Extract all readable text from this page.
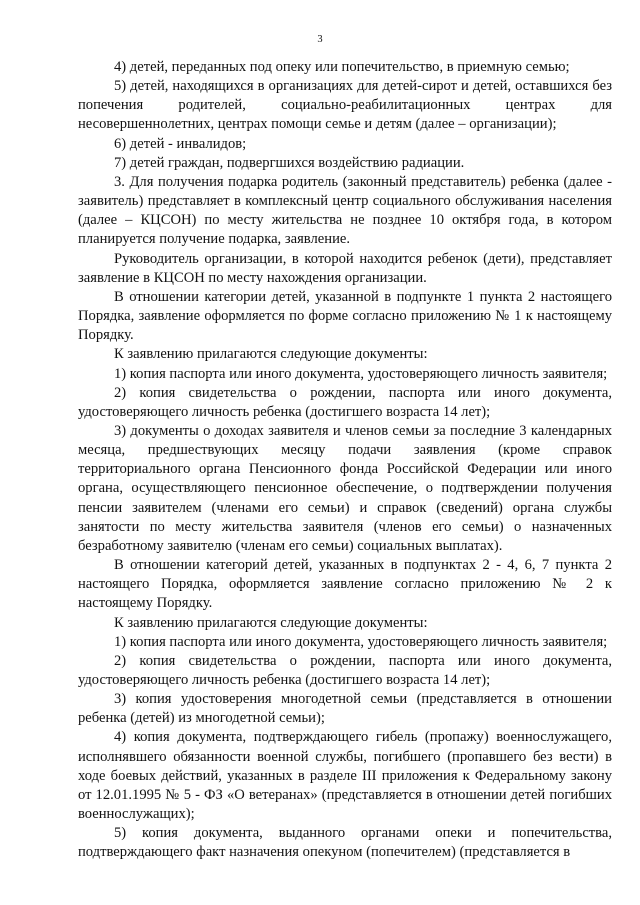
3

4) детей, переданных под опеку или попечительство, в приемную семью;

5) детей, находящихся в организациях для детей-сирот и детей, оставшихся без попечения родителей, социально-реабилитационных центрах для несовершеннолетних, центрах помощи семье и детям (далее – организации);

6) детей - инвалидов;

7) детей граждан, подвергшихся воздействию радиации.

3. Для получения подарка родитель (законный представитель) ребенка (далее - заявитель) представляет в комплексный центр социального обслуживания населения (далее – КЦСОН) по месту жительства не позднее 10 октября года, в котором планируется получение подарка, заявление.

Руководитель организации, в которой находится ребенок (дети), представляет заявление в КЦСОН по месту нахождения организации.

В отношении категории детей, указанной в подпункте 1 пункта 2 настоящего Порядка, заявление оформляется по форме согласно приложению № 1 к настоящему Порядку.

К заявлению прилагаются следующие документы:

1) копия паспорта или иного документа, удостоверяющего личность заявителя;

2) копия свидетельства о рождении, паспорта или иного документа, удостоверяющего личность ребенка (достигшего возраста 14 лет);

3) документы о доходах заявителя и членов семьи за последние 3 календарных месяца, предшествующих месяцу подачи заявления (кроме справок территориального органа Пенсионного фонда Российской Федерации или иного органа, осуществляющего пенсионное обеспечение, о подтверждении получения пенсии заявителем (членами его семьи) и справок (сведений) органа службы занятости по месту жительства заявителя (членов его семьи) о назначенных безработному заявителю (членам его семьи) социальных выплатах).

В отношении категорий детей, указанных в подпунктах 2 - 4, 6, 7 пункта 2 настоящего Порядка, оформляется заявление согласно приложению № 2 к настоящему Порядку.

К заявлению прилагаются следующие документы:

1) копия паспорта или иного документа, удостоверяющего личность заявителя;

2) копия свидетельства о рождении, паспорта или иного документа, удостоверяющего личность ребенка (достигшего возраста 14 лет);

3) копия удостоверения многодетной семьи (представляется в отношении ребенка (детей) из многодетной семьи);

4) копия документа, подтверждающего гибель (пропажу) военнослужащего, исполнявшего обязанности военной службы, погибшего (пропавшего без вести) в ходе боевых действий, указанных в разделе III приложения к Федеральному закону от 12.01.1995 № 5 - ФЗ «О ветеранах» (представляется в отношении детей погибших военнослужащих);

5) копия документа, выданного органами опеки и попечительства, подтверждающего факт назначения опекуном (попечителем) (представляется в
